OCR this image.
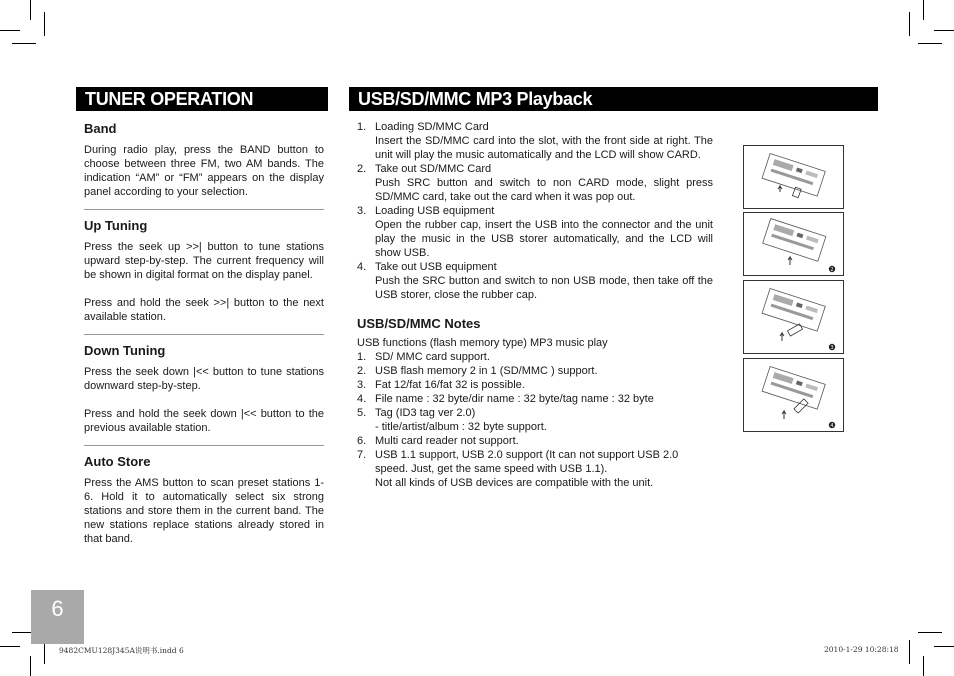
TUNER OPERATION	USB/SD/MMC MP3 Playback
Band

During radio play, press the BAND button to choose between three FM, two AM bands. The indication “AM” or “FM” appears on the display panel according to your selection.

Up Tuning

Press the seek up >>| button to tune stations upward step-by-step. The current frequency will be shown in digital format on the display panel.

Press and hold the seek >>| button to the next available station.

Down Tuning

Press the seek down |<< button to tune stations downward step-by-step.

Press and hold the seek down |<< button to the previous available station.

Auto Store

Press the AMS button to scan preset stations 1-6. Hold it to automatically select six strong stations and store them in the current band. The new stations replace stations already stored in that band.

1. Loading SD/MMC Card
Insert the SD/MMC card into the slot, with the front side at right. The unit will play the music automatically and the LCD will show CARD.
2. Take out SD/MMC Card
Push SRC button and switch to non CARD mode, slight press SD/MMC card, take out the card when it was pop out.
3. Loading USB equipment
Open the rubber cap, insert the USB into the connector and the unit play the music in the USB storer automatically, and the LCD will show USB.
4. Take out USB equipment
Push the SRC button and switch to non USB mode, then take off the USB storer, close the rubber cap.
USB/SD/MMC Notes
USB functions (flash memory type) MP3 music play
1. SD/ MMC card support.
2. USB flash memory 2 in 1 (SD/MMC ) support.
3. Fat 12/fat 16/fat 32 is possible.
4. File name : 32 byte/dir name : 32 byte/tag name : 32 byte
5. Tag (ID3 tag ver 2.0)
- title/artist/album : 32 byte support.
6. Multi card reader not support.
7. USB 1.1 support, USB 2.0 support (It can not support USB 2.0 speed. Just, get the same speed with USB 1.1).
Not all kinds of USB devices are compatible with the unit.
2
3
4
6
9482CMU128J345A说明书.indd 6	2010-1-29 10:28:18
